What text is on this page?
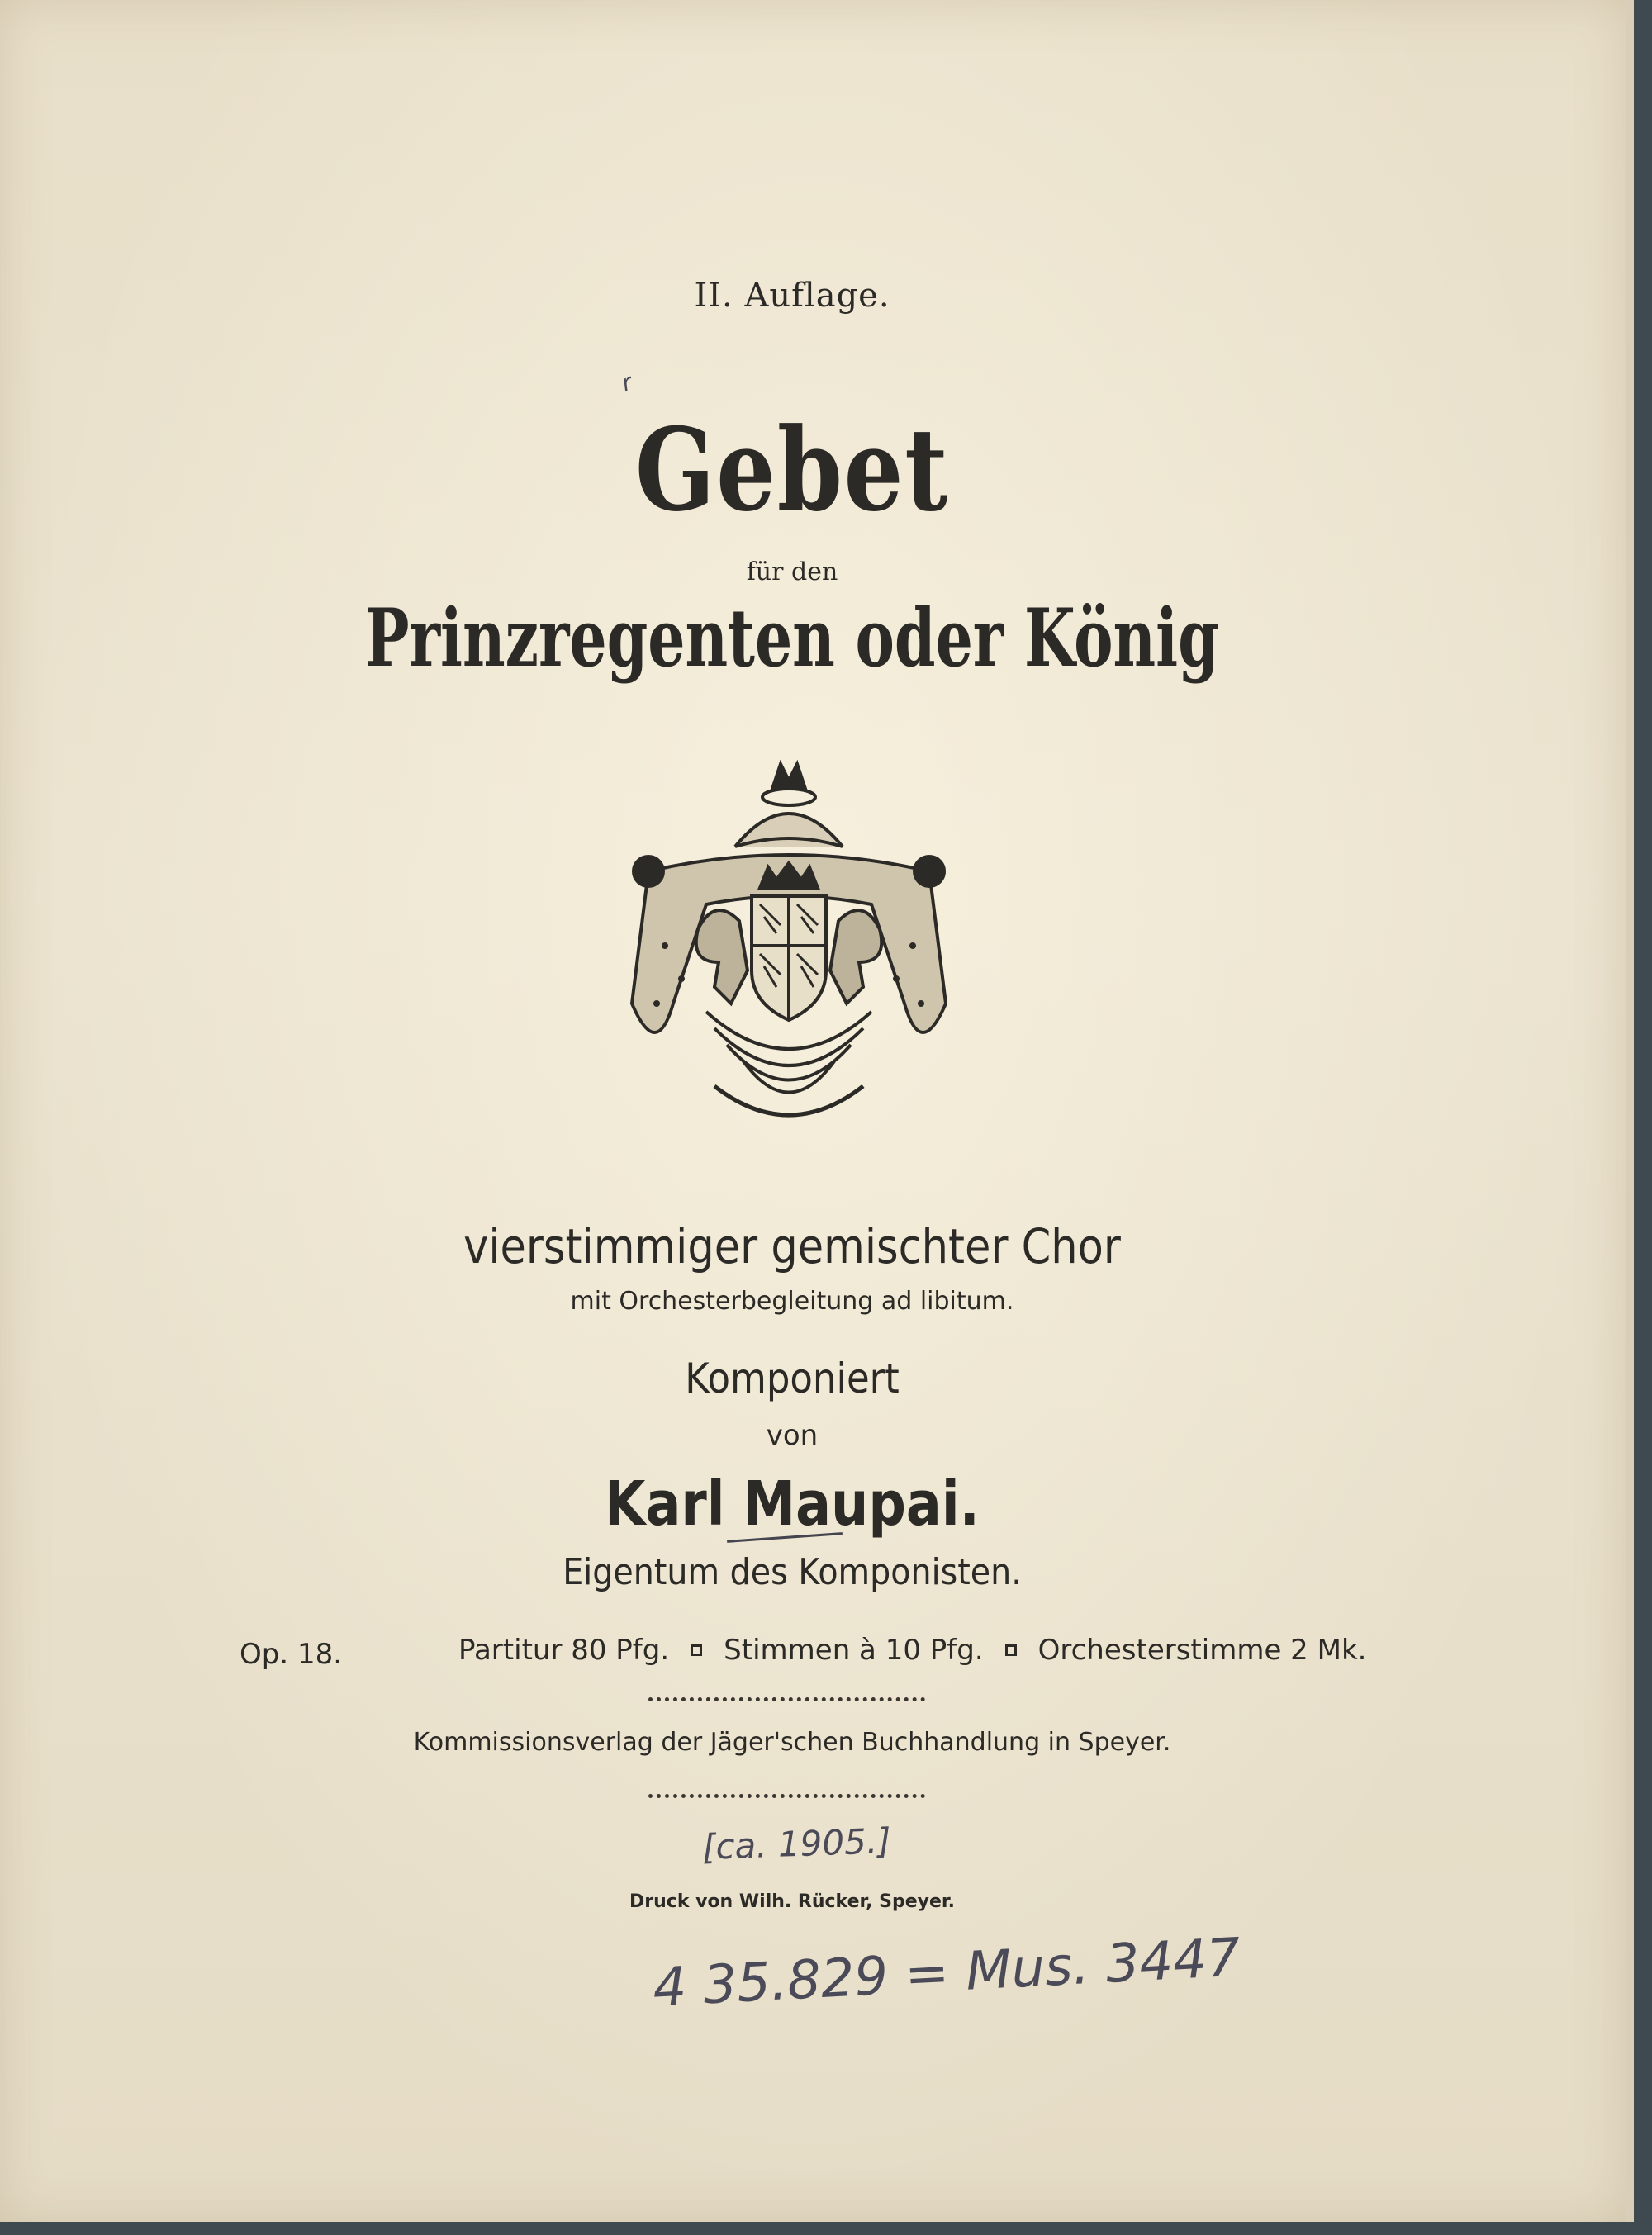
r
II. Auflage.
Gebet
für den
Prinzregenten oder König
vierstimmiger gemischter Chor
mit Orchesterbegleitung ad libitum.
Komponiert
von
Karl Maupai.
Eigentum des Komponisten.
Op. 18.	Partitur 80 Pfg. Stimmen à 10 Pfg. Orchesterstimme 2 Mk.
Kommissionsverlag der Jäger'schen Buchhandlung in Speyer.
[ca. 1905.]
Druck von Wilh. Rücker, Speyer.
4 35.829 = Mus. 3447
